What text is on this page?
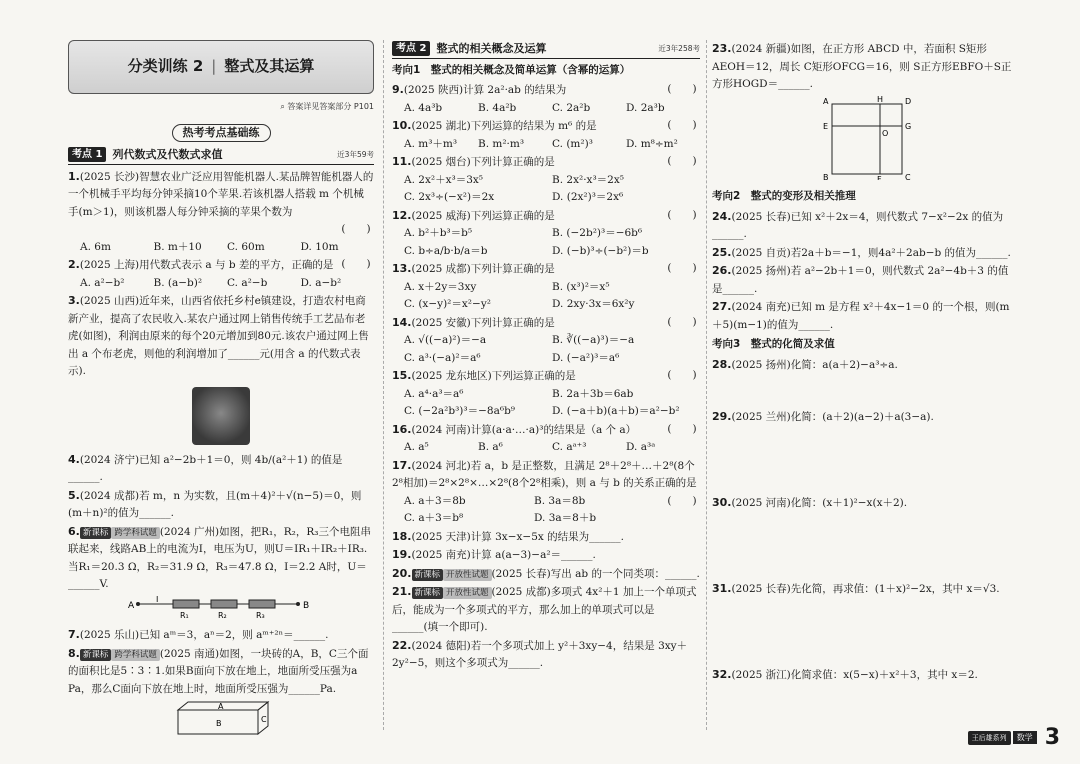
分类训练 2 | 整式及其运算
⌕ 答案详见答案部分 P101
热考考点基础练
考点 1 列代数式及代数式求值	近3年59考
1.(2025 长沙)智慧农业广泛应用智能机器人.某品牌智能机器人的一个机械手平均每分钟采摘10个苹果.若该机器人搭载 m 个机械手(m＞1)，则该机器人每分钟采摘的苹果个数为

(　　)

A. 6m	B. m＋10	C. 60m	D. 10m
2.(2025 上海)用代数式表示 a 与 b 差的平方，正确的是 (　　)
A. a²−b²	B. (a−b)²	C. a²−b	D. a−b²
3.(2025 山西)近年来，山西省依托乡村e镇建设，打造农村电商新产业，提高了农民收入.某农户通过网上销售传统手工艺品布老虎(如图)，利润由原来的每个20元增加到80元.该农户通过网上售出 a 个布老虎，则他的利润增加了______元(用含 a 的代数式表示).
4.(2024 济宁)已知 a²−2b＋1＝0，则 4b/(a²＋1) 的值是______.
5.(2024 成都)若 m，n 为实数，且(m＋4)²＋√(n−5)＝0，则(m＋n)²的值为______.
6. 新课标 跨学科试题 (2024 广州)如图，把R₁，R₂，R₃三个电阻串联起来，线路AB上的电流为I，电压为U，则U＝IR₁＋IR₂＋IR₃.当R₁＝20.3 Ω，R₂＝31.9 Ω，R₃＝47.8 Ω，I＝2.2 A时，U＝______V.
A	B
I
R₁	R₂	R₃
7.(2025 乐山)已知 aᵐ＝3，aⁿ＝2，则 aᵐ⁺²ⁿ＝______.
8. 新课标 跨学科试题 (2025 南通)如图，一块砖的A，B，C三个面的面积比是5∶3∶1.如果B面向下放在地上，地面所受压强为a Pa，那么C面向下放在地上时，地面所受压强为______Pa.
A
B	C
考点 2 整式的相关概念及运算	近3年258考
考向1　整式的相关概念及简单运算（含幂的运算）
9.(2025 陕西)计算 2a²·ab 的结果为	(　　)
A. 4a³b	B. 4a²b	C. 2a²b	D. 2a³b
10.(2025 湖北)下列运算的结果为 m⁶ 的是	(　　)
A. m³＋m³	B. m²·m³	C. (m²)³	D. m⁸÷m²
11.(2025 烟台)下列计算正确的是	(　　)
A. 2x²＋x³＝3x⁵	B. 2x²·x³＝2x⁵
C. 2x³÷(−x²)＝2x	D. (2x²)³＝2x⁶
12.(2025 威海)下列运算正确的是	(　　)
A. b²＋b³＝b⁵	B. (−2b²)³＝−6b⁶
C. b÷a/b·b/a＝b	D. (−b)³÷(−b²)＝b
13.(2025 成都)下列计算正确的是	(　　)
A. x＋2y＝3xy	B. (x³)²＝x⁵
C. (x−y)²＝x²−y²	D. 2xy·3x＝6x²y
14.(2025 安徽)下列计算正确的是	(　　)
A. √((−a)²)＝−a	B. ∛((−a)³)＝−a
C. a³·(−a)²＝a⁶	D. (−a²)³＝a⁶
15.(2025 龙东地区)下列运算正确的是	(　　)
A. a⁴·a³＝a⁶	B. 2a＋3b＝6ab
C. (−2a²b³)³＝−8a⁶b⁹	D. (−a＋b)(a＋b)＝a²−b²
16.(2024 河南)计算(a·a·…·a)³的结果是（a 个 a）	(　　)
A. a⁵	B. a⁶	C. aᵃ⁺³	D. a³ᵃ
17.(2024 河北)若 a，b 是正整数，且满足 2⁸＋2⁸＋…＋2⁸(8个2⁸相加)＝2⁸×2⁸×…×2⁸(8个2⁸相乘)，则 a 与 b 的关系正确的是
(　　)
A. a＋3＝8b	B. 3a＝8b
C. a＋3＝b⁸	D. 3a＝8＋b
18.(2025 天津)计算 3x−x−5x 的结果为______.
19.(2025 南充)计算 a(a−3)−a²＝______.
20. 新课标 开放性试题 (2025 长春)写出 ab 的一个同类项：______.
21. 新课标 开放性试题 (2025 成都)多项式 4x²＋1 加上一个单项式后，能成为一个多项式的平方，那么加上的单项式可以是______(填一个即可).
22.(2024 德阳)若一个多项式加上 y²＋3xy−4，结果是 3xy＋2y²−5，则这个多项式为______.
23.(2024 新疆)如图，在正方形 ABCD 中，若面积 S矩形AEOH＝12，周长 C矩形OFCG＝16，则 S正方形EBFO＋S正方形HOGD＝______.
A
B	C
D
E
F
G
H
O
考向2　整式的变形及相关推理
24.(2025 长春)已知 x²＋2x＝4，则代数式 7−x²−2x 的值为______.
25.(2025 自贡)若2a＋b＝−1，则4a²＋2ab−b 的值为______.
26.(2025 扬州)若 a²−2b＋1＝0，则代数式 2a²−4b＋3 的值是______.
27.(2024 南充)已知 m 是方程 x²＋4x−1＝0 的一个根，则(m＋5)(m−1)的值为______.
考向3　整式的化简及求值
28.(2025 扬州)化简：a(a＋2)−a³÷a.
29.(2025 兰州)化简：(a＋2)(a−2)＋a(3−a).
30.(2025 河南)化简：(x＋1)²−x(x＋2).
31.(2025 长春)先化简，再求值：(1＋x)²−2x，其中 x＝√3.
32.(2025 浙江)化简求值：x(5−x)＋x²＋3，其中 x＝2.
王后雄系列	数学 3
